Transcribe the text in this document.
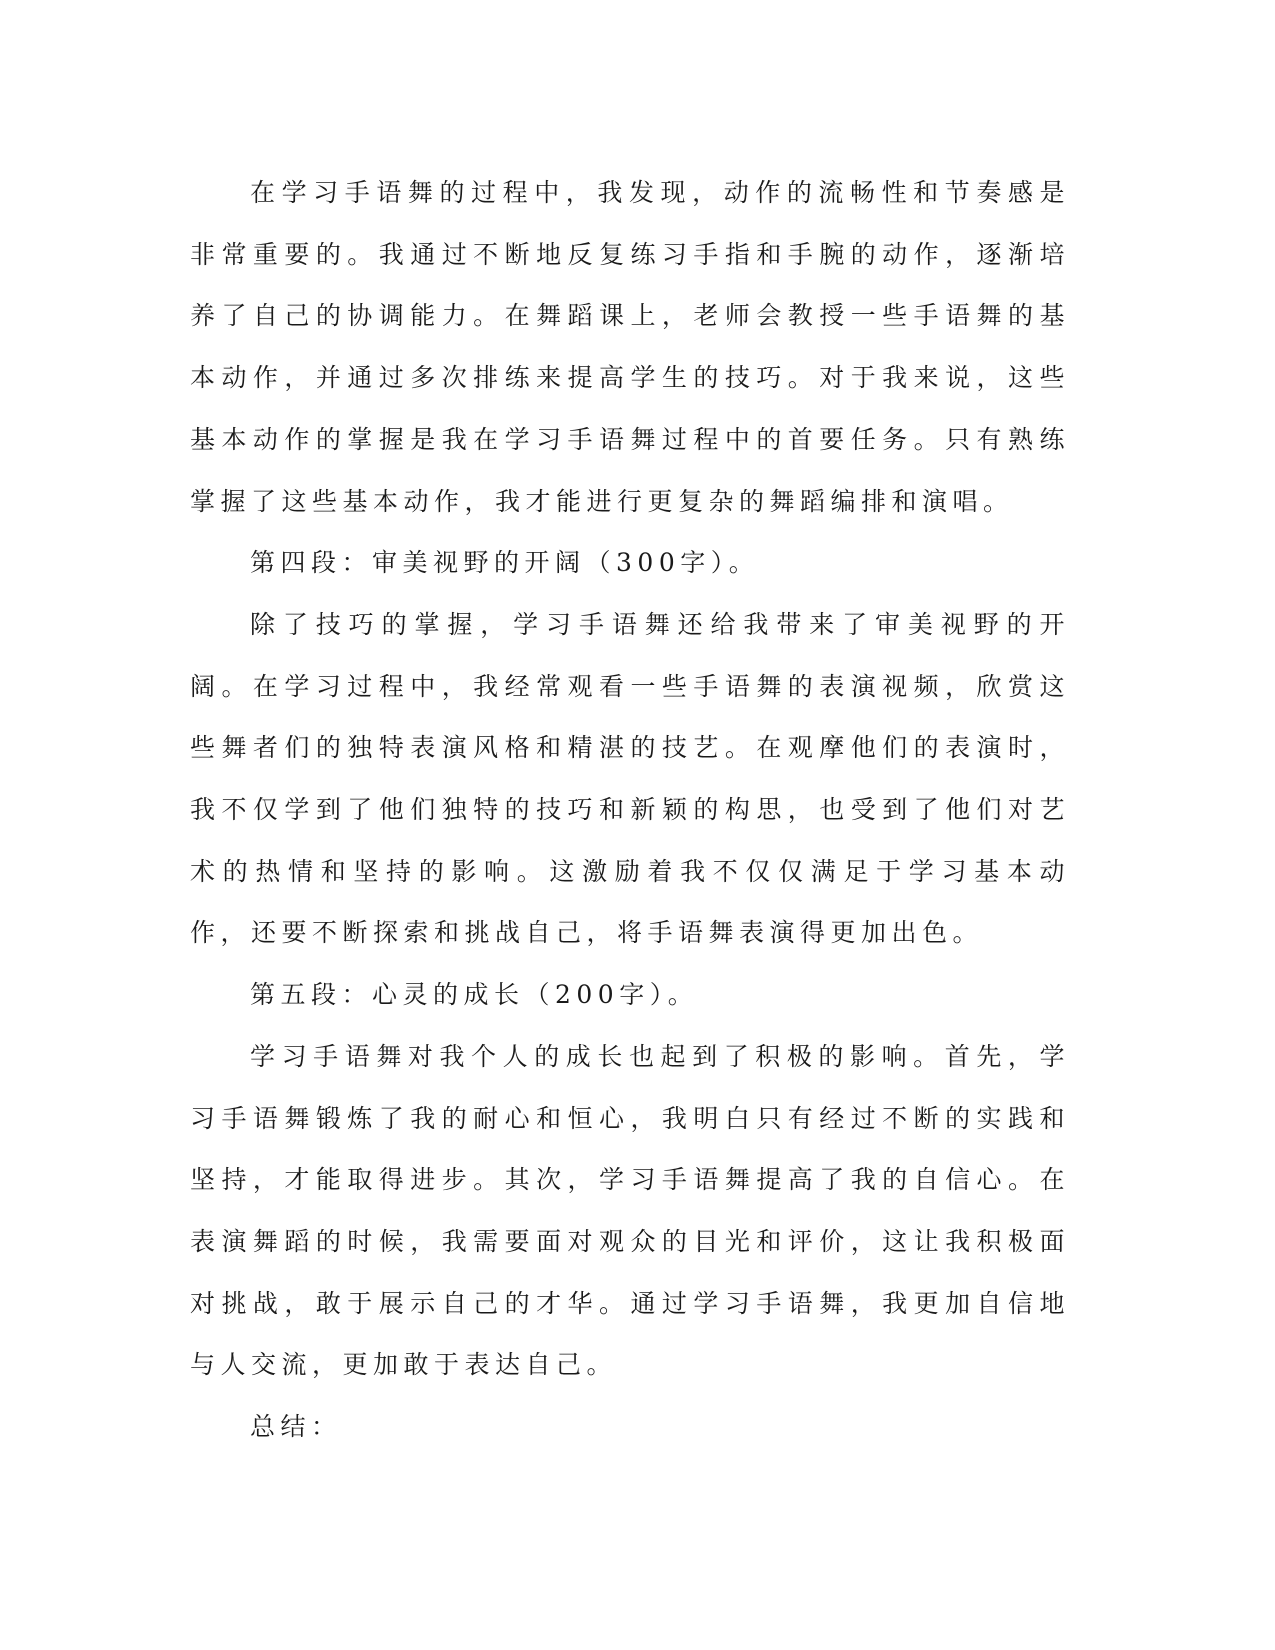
在学习手语舞的过程中，我发现，动作的流畅性和节奏感是非常重要的。我通过不断地反复练习手指和手腕的动作，逐渐培养了自己的协调能力。在舞蹈课上，老师会教授一些手语舞的基本动作，并通过多次排练来提高学生的技巧。对于我来说，这些基本动作的掌握是我在学习手语舞过程中的首要任务。只有熟练掌握了这些基本动作，我才能进行更复杂的舞蹈编排和演唱。

第四段：审美视野的开阔（300字）。

除了技巧的掌握，学习手语舞还给我带来了审美视野的开阔。在学习过程中，我经常观看一些手语舞的表演视频，欣赏这些舞者们的独特表演风格和精湛的技艺。在观摩他们的表演时，我不仅学到了他们独特的技巧和新颖的构思，也受到了他们对艺术的热情和坚持的影响。这激励着我不仅仅满足于学习基本动作，还要不断探索和挑战自己，将手语舞表演得更加出色。

第五段：心灵的成长（200字）。

学习手语舞对我个人的成长也起到了积极的影响。首先，学习手语舞锻炼了我的耐心和恒心，我明白只有经过不断的实践和坚持，才能取得进步。其次，学习手语舞提高了我的自信心。在表演舞蹈的时候，我需要面对观众的目光和评价，这让我积极面对挑战，敢于展示自己的才华。通过学习手语舞，我更加自信地与人交流，更加敢于表达自己。

总结：
